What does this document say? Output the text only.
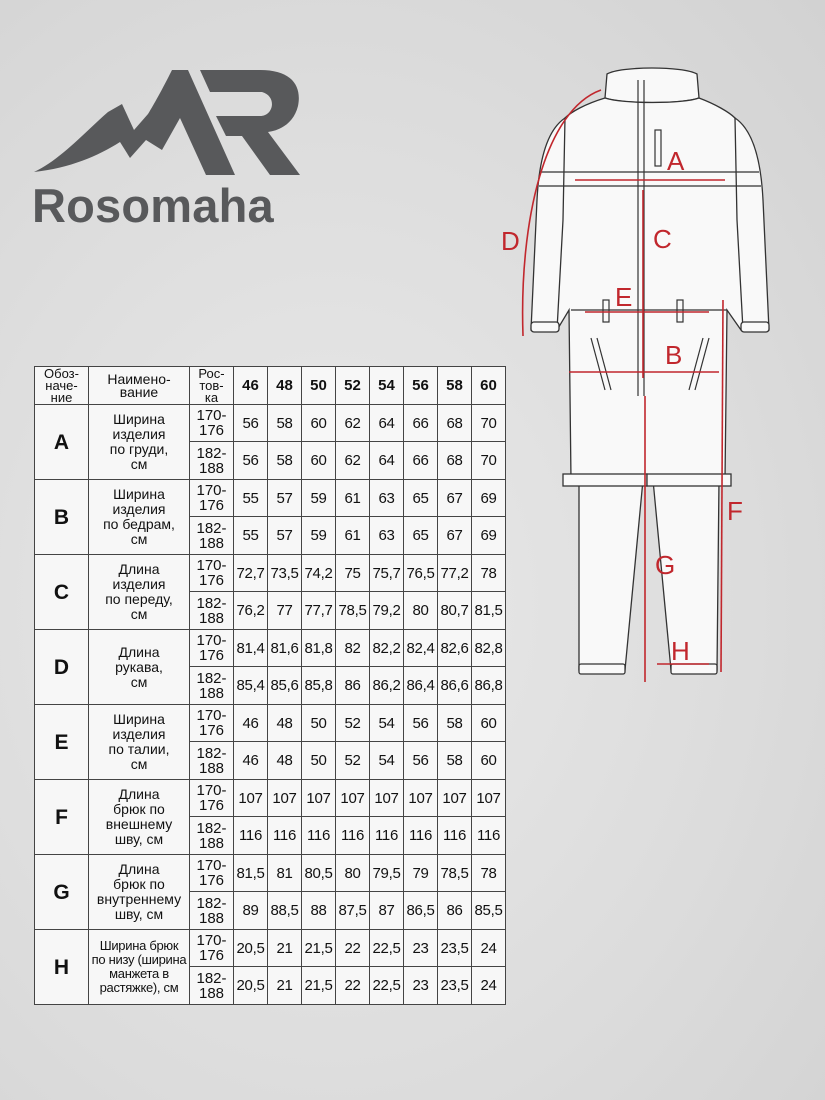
Rosomaha
A
B
C
D
E
F
G
H
Обоз-
наче-
ние	Наимено-
вание	Рос-
тов-
ка	46	48	50	52	54	56	58	60
A	Ширина
изделия
по груди,
см	170-
176	56	58	60	62	64	66	68	70
		182-
188	56	58	60	62	64	66	68	70
B	Ширина
изделия
по бедрам,
см	170-
176	55	57	59	61	63	65	67	69
		182-
188	55	57	59	61	63	65	67	69
C	Длина
изделия
по переду,
см	170-
176	72,7	73,5	74,2	75	75,7	76,5	77,2	78
		182-
188	76,2	77	77,7	78,5	79,2	80	80,7	81,5
D	Длина
рукава,
см	170-
176	81,4	81,6	81,8	82	82,2	82,4	82,6	82,8
		182-
188	85,4	85,6	85,8	86	86,2	86,4	86,6	86,8
E	Ширина
изделия
по талии,
см	170-
176	46	48	50	52	54	56	58	60
		182-
188	46	48	50	52	54	56	58	60
F	Длина
брюк по
внешнему
шву, см	170-
176	107	107	107	107	107	107	107	107
		182-
188	116	116	116	116	116	116	116	116
G	Длина
брюк по
внутреннему
шву, см	170-
176	81,5	81	80,5	80	79,5	79	78,5	78
		182-
188	89	88,5	88	87,5	87	86,5	86	85,5
H	Ширина брюк
по низу (ширина
манжета в
растяжке), см	170-
176	20,5	21	21,5	22	22,5	23	23,5	24
		182-
188	20,5	21	21,5	22	22,5	23	23,5	24
